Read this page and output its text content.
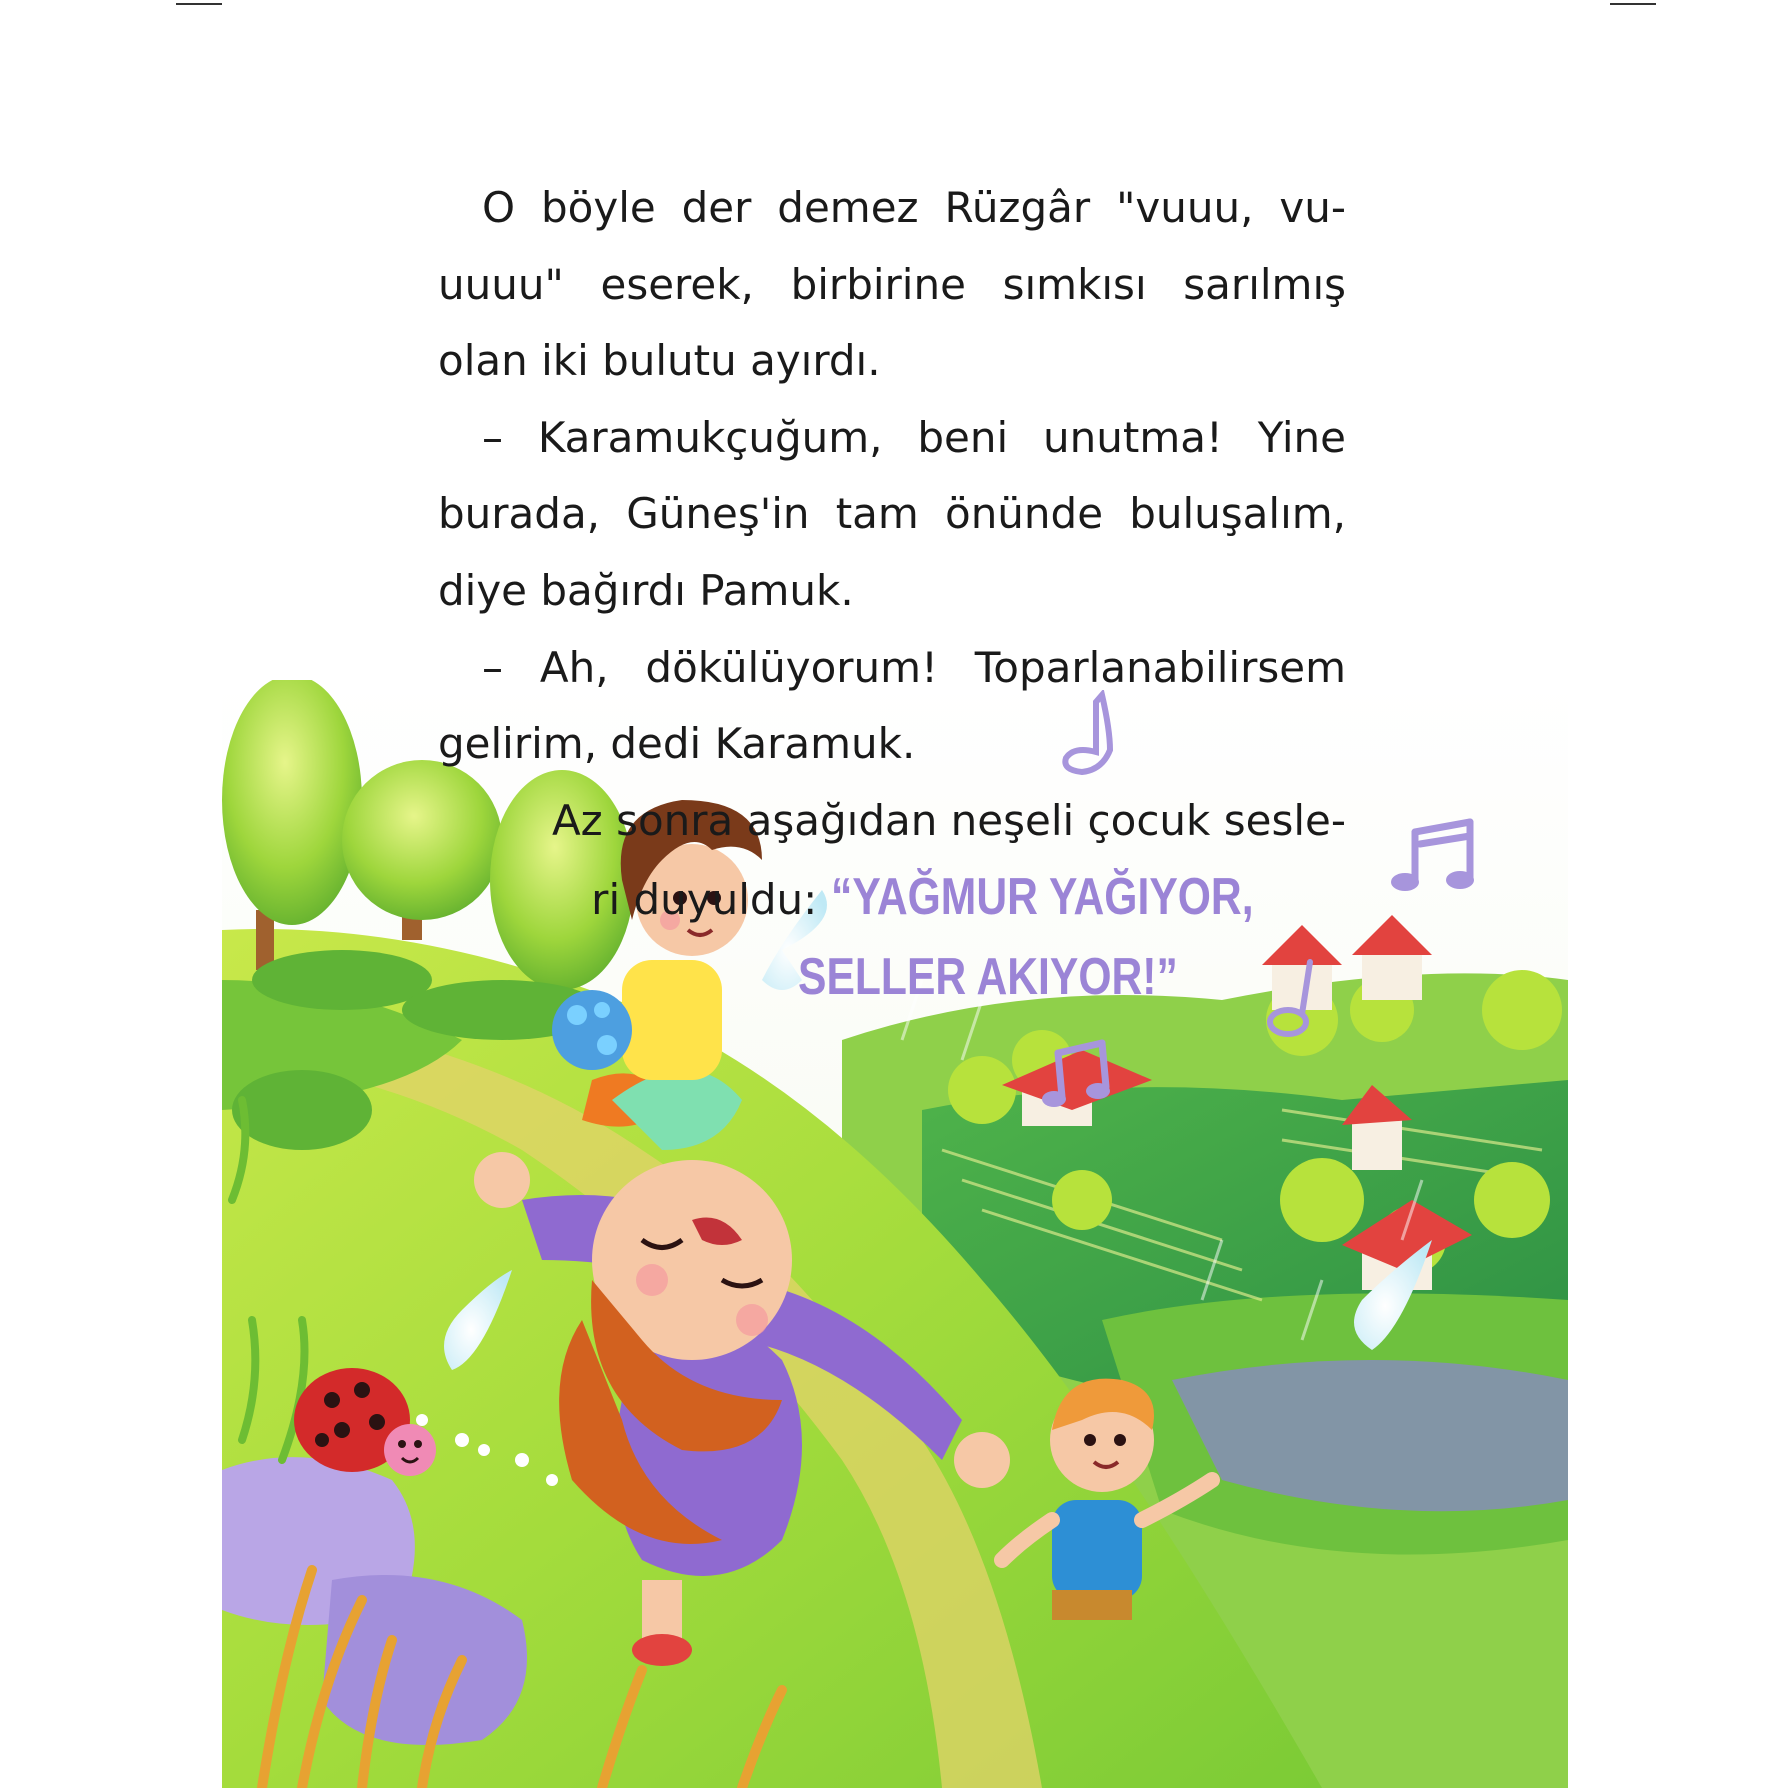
O böyle der demez Rüzgâr "vuuu, vu-uuuu" eserek, birbirine sımkısı sarılmış olan iki bulutu ayırdı.

– Karamukçuğum, beni unutma! Yine burada, Güneş'in tam önünde buluşalım, diye bağırdı Pamuk.

– Ah, dökülüyorum! Toparlanabilirsem gelirim, dedi Karamuk.

Az sonra aşağıdan neşeli çocuk sesle-

ri duyuldu: “YAĞMUR YAĞIYOR,

SELLER AKIYOR!”
